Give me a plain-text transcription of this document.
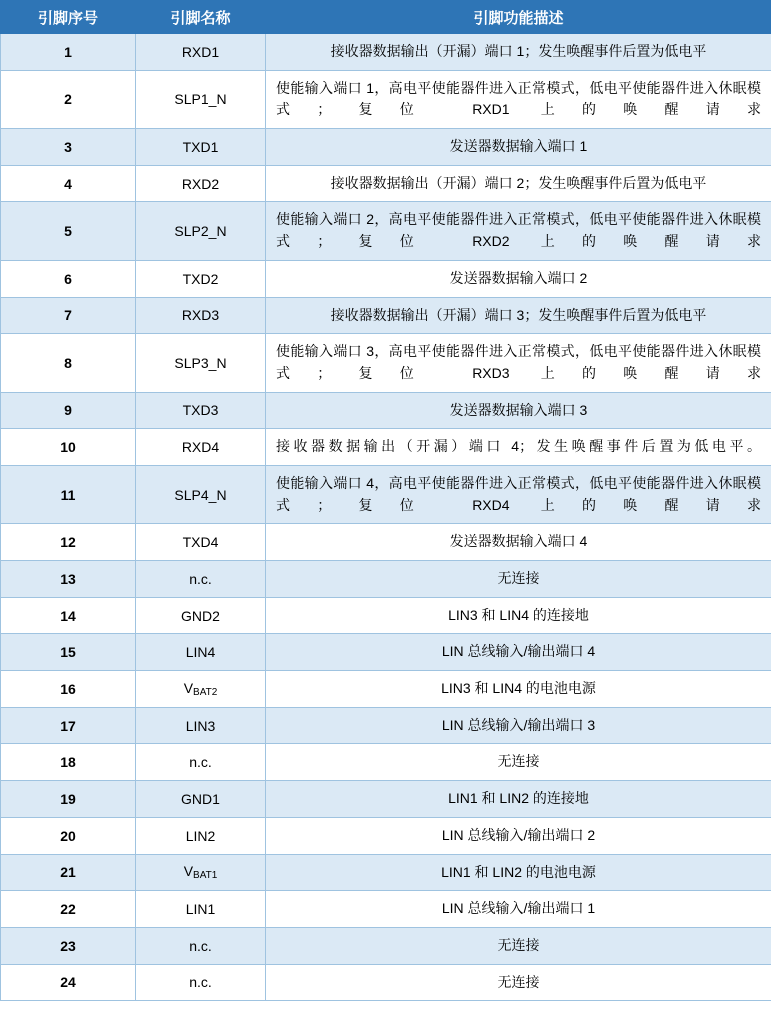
引脚序号	引脚名称	引脚功能描述
1	RXD1	接收器数据输出（开漏）端口 1；发生唤醒事件后置为低电平
2	SLP1_N	使能输入端口 1，高电平使能器件进入正常模式，低电平使能器件进入休眠模式；复位 RXD1 上的唤醒请求
3	TXD1	发送器数据输入端口 1
4	RXD2	接收器数据输出（开漏）端口 2；发生唤醒事件后置为低电平
5	SLP2_N	使能输入端口 2，高电平使能器件进入正常模式，低电平使能器件进入休眠模式；复位 RXD2 上的唤醒请求
6	TXD2	发送器数据输入端口 2
7	RXD3	接收器数据输出（开漏）端口 3；发生唤醒事件后置为低电平
8	SLP3_N	使能输入端口 3，高电平使能器件进入正常模式，低电平使能器件进入休眠模式；复位 RXD3 上的唤醒请求
9	TXD3	发送器数据输入端口 3
10	RXD4	接收器数据输出（开漏）端口 4；发生唤醒事件后置为低电平。
11	SLP4_N	使能输入端口 4，高电平使能器件进入正常模式，低电平使能器件进入休眠模式；复位 RXD4 上的唤醒请求
12	TXD4	发送器数据输入端口 4
13	n.c.	无连接
14	GND2	LIN3 和 LIN4 的连接地
15	LIN4	LIN 总线输入/输出端口 4
16	$V_{BAT2}$	LIN3 和 LIN4 的电池电源
17	LIN3	LIN 总线输入/输出端口 3
18	n.c.	无连接
19	GND1	LIN1 和 LIN2 的连接地
20	LIN2	LIN 总线输入/输出端口 2
21	$V_{BAT1}$	LIN1 和 LIN2 的电池电源
22	LIN1	LIN 总线输入/输出端口 1
23	n.c.	无连接
24	n.c.	无连接
